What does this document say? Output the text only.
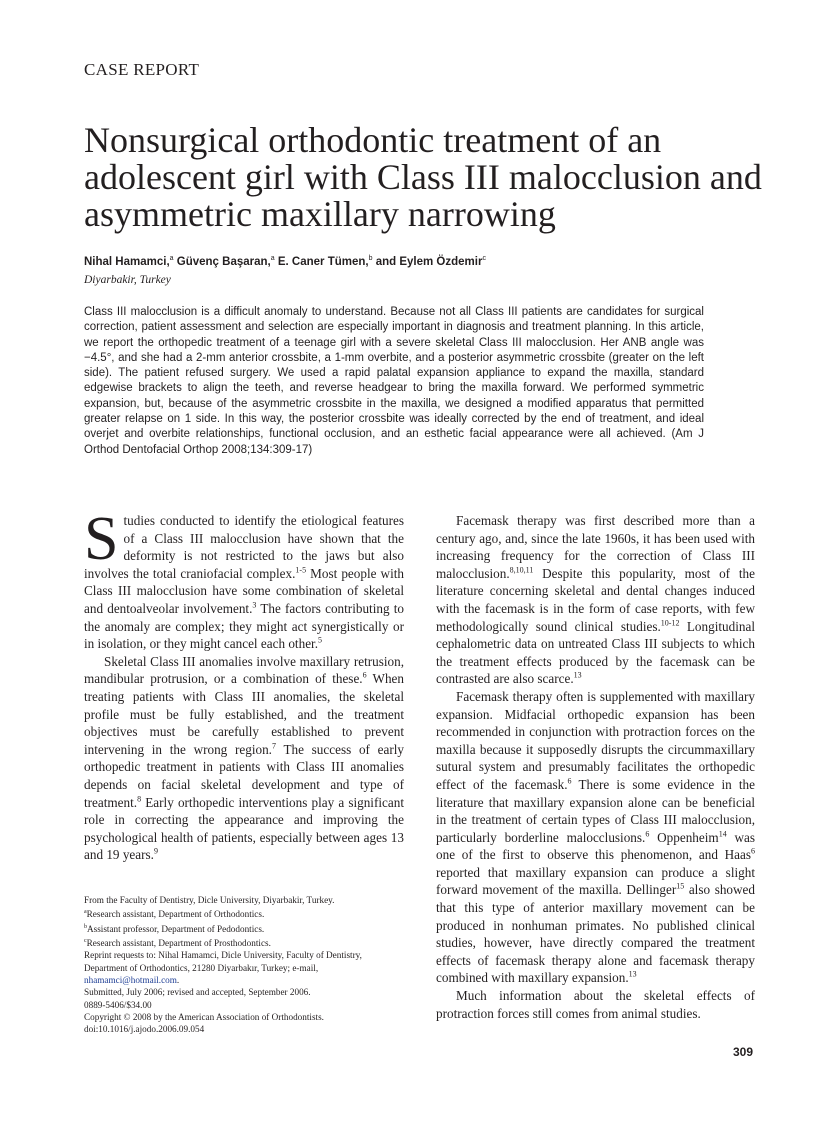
CASE REPORT
Nonsurgical orthodontic treatment of an adolescent girl with Class III malocclusion and asymmetric maxillary narrowing
Nihal Hamamci,$^a$ Güvenç Başaran,$^a$ E. Caner Tümen,$^b$ and Eylem Özdemir$^c$
Diyarbakir, Turkey

Class III malocclusion is a difficult anomaly to understand. Because not all Class III patients are candidates for surgical correction, patient assessment and selection are especially important in diagnosis and treatment planning. In this article, we report the orthopedic treatment of a teenage girl with a severe skeletal Class III malocclusion. Her ANB angle was −4.5°, and she had a 2-mm anterior crossbite, a 1-mm overbite, and a posterior asymmetric crossbite (greater on the left side). The patient refused surgery. We used a rapid palatal expansion appliance to expand the maxilla, standard edgewise brackets to align the teeth, and reverse headgear to bring the maxilla forward. We performed symmetric expansion, but, because of the asymmetric crossbite in the maxilla, we designed a modified apparatus that permitted greater relapse on 1 side. In this way, the posterior crossbite was ideally corrected by the end of treatment, and ideal overjet and overbite relationships, functional occlusion, and an esthetic facial appearance were all achieved. (Am J Orthod Dentofacial Orthop 2008;134:309-17)

Studies conducted to identify the etiological features of a Class III malocclusion have shown that the deformity is not restricted to the jaws but also involves the total craniofacial complex.$^{1-5}$ Most people with Class III malocclusion have some combination of skeletal and dentoalveolar involvement.$^3$ The factors contributing to the anomaly are complex; they might act synergistically or in isolation, or they might cancel each other.$^5$

Skeletal Class III anomalies involve maxillary retrusion, mandibular protrusion, or a combination of these.$^6$ When treating patients with Class III anomalies, the skeletal profile must be fully established, and the treatment objectives must be carefully established to prevent intervening in the wrong region.$^7$ The success of early orthopedic treatment in patients with Class III anomalies depends on facial skeletal development and type of treatment.$^8$ Early orthopedic interventions play a significant role in correcting the appearance and improving the psychological health of patients, especially between ages 13 and 19 years.$^9$

Facemask therapy was first described more than a century ago, and, since the late 1960s, it has been used with increasing frequency for the correction of Class III malocclusion.$^{8,10,11}$ Despite this popularity, most of the literature concerning skeletal and dental changes induced with the facemask is in the form of case reports, with few methodologically sound clinical studies.$^{10-12}$ Longitudinal cephalometric data on untreated Class III subjects to which the treatment effects produced by the facemask can be contrasted are also scarce.$^{13}$

Facemask therapy often is supplemented with maxillary expansion. Midfacial orthopedic expansion has been recommended in conjunction with protraction forces on the maxilla because it supposedly disrupts the circummaxillary sutural system and presumably facilitates the orthopedic effect of the facemask.$^6$ There is some evidence in the literature that maxillary expansion alone can be beneficial in the treatment of certain types of Class III malocclusion, particularly borderline malocclusions.$^6$ Oppenheim$^{14}$ was one of the first to observe this phenomenon, and Haas$^6$ reported that maxillary expansion can produce a slight forward movement of the maxilla. Dellinger$^{15}$ also showed that this type of anterior maxillary movement can be produced in nonhuman primates. No published clinical studies, however, have directly compared the treatment effects of facemask therapy alone and facemask therapy combined with maxillary expansion.$^{13}$

Much information about the skeletal effects of protraction forces still comes from animal studies.

From the Faculty of Dentistry, Dicle University, Diyarbakir, Turkey.
$^a$Research assistant, Department of Orthodontics.
$^b$Assistant professor, Department of Pedodontics.
$^c$Research assistant, Department of Prosthodontics.
Reprint requests to: Nihal Hamamci, Dicle University, Faculty of Dentistry, Department of Orthodontics, 21280 Diyarbakır, Turkey; e-mail, nhamamci@hotmail.com.
Submitted, July 2006; revised and accepted, September 2006.
0889-5406/$34.00
Copyright © 2008 by the American Association of Orthodontists.
doi:10.1016/j.ajodo.2006.09.054
309
